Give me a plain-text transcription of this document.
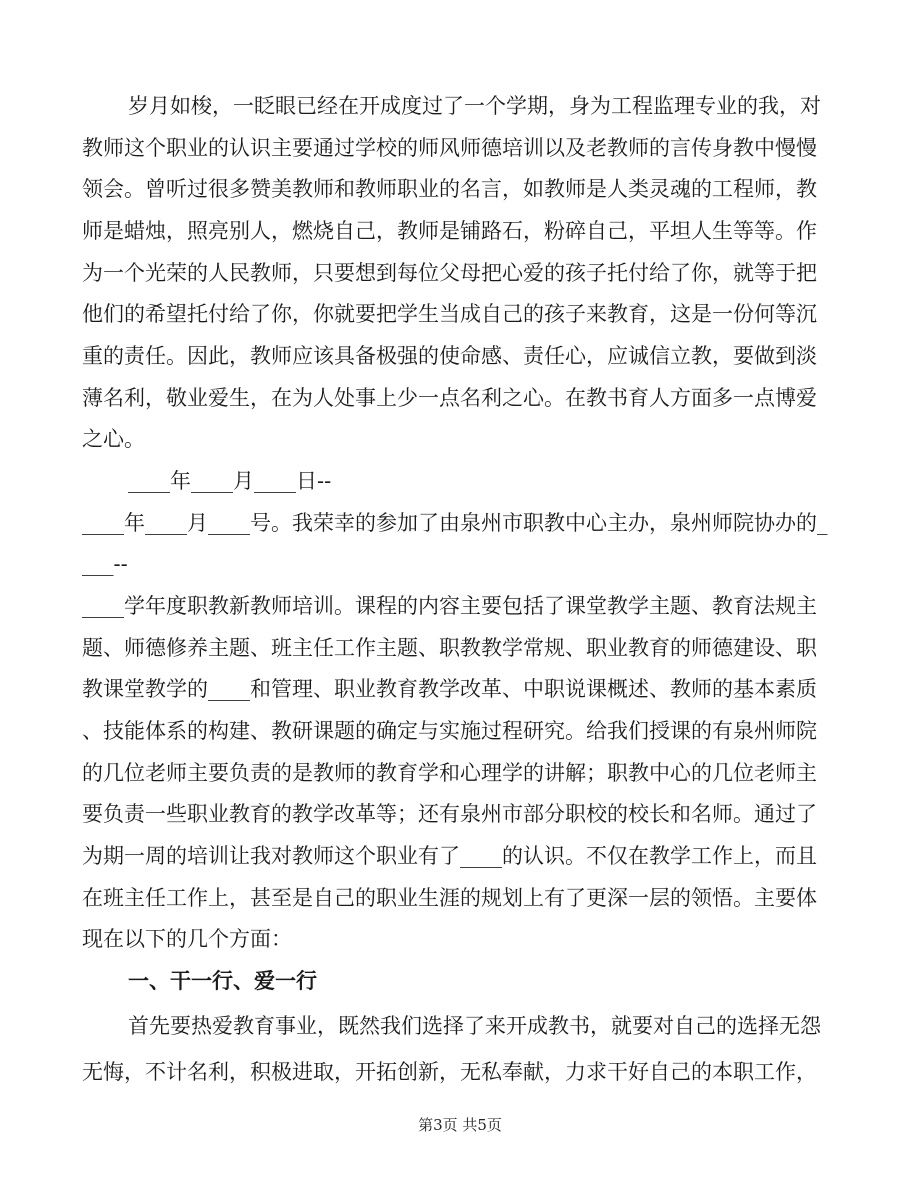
岁月如梭，一眨眼已经在开成度过了一个学期，身为工程监理专业的我，对
教师这个职业的认识主要通过学校的师风师德培训以及老教师的言传身教中慢慢
领会。曾听过很多赞美教师和教师职业的名言，如教师是人类灵魂的工程师，教
师是蜡烛，照亮别人，燃烧自己，教师是铺路石，粉碎自己，平坦人生等等。作
为一个光荣的人民教师，只要想到每位父母把心爱的孩子托付给了你，就等于把
他们的希望托付给了你，你就要把学生当成自己的孩子来教育，这是一份何等沉
重的责任。因此，教师应该具备极强的使命感、责任心，应诚信立教，要做到淡
薄名利，敬业爱生，在为人处事上少一点名利之心。在教书育人方面多一点博爱
之心。
____年____月____日--
____年____月____号。我荣幸的参加了由泉州市职教中心主办，泉州师院协办的_
___--
____学年度职教新教师培训。课程的内容主要包括了课堂教学主题、教育法规主
题、师德修养主题、班主任工作主题、职教教学常规、职业教育的师德建设、职
教课堂教学的____和管理、职业教育教学改革、中职说课概述、教师的基本素质
、技能体系的构建、教研课题的确定与实施过程研究。给我们授课的有泉州师院
的几位老师主要负责的是教师的教育学和心理学的讲解；职教中心的几位老师主
要负责一些职业教育的教学改革等；还有泉州市部分职校的校长和名师。通过了
为期一周的培训让我对教师这个职业有了____的认识。不仅在教学工作上，而且
在班主任工作上，甚至是自己的职业生涯的规划上有了更深一层的领悟。主要体
现在以下的几个方面：
一、干一行、爱一行
首先要热爱教育事业，既然我们选择了来开成教书，就要对自己的选择无怨
无悔，不计名利，积极进取，开拓创新，无私奉献，力求干好自己的本职工作，
第3页 共5页
